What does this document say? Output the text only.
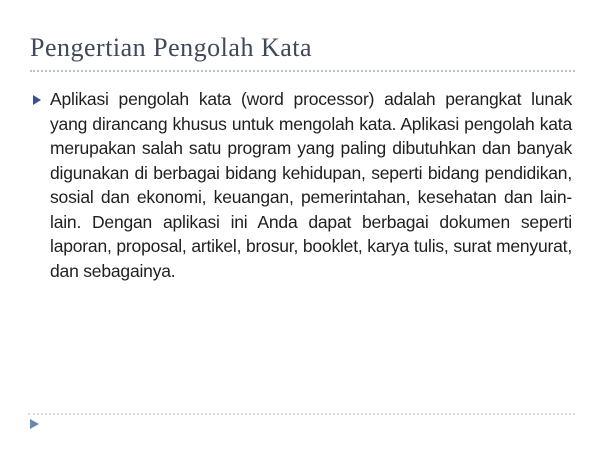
Pengertian Pengolah Kata

Aplikasi pengolah kata (word processor) adalah perangkat lunak yang dirancang khusus untuk mengolah kata. Aplikasi pengolah kata merupakan salah satu program yang paling dibutuhkan dan banyak digunakan di berbagai bidang kehidupan, seperti bidang pendidikan, sosial dan ekonomi, keuangan, pemerintahan, kesehatan dan lain-lain. Dengan aplikasi ini Anda dapat berbagai dokumen seperti laporan, proposal, artikel, brosur, booklet, karya tulis, surat menyurat, dan sebagainya.
